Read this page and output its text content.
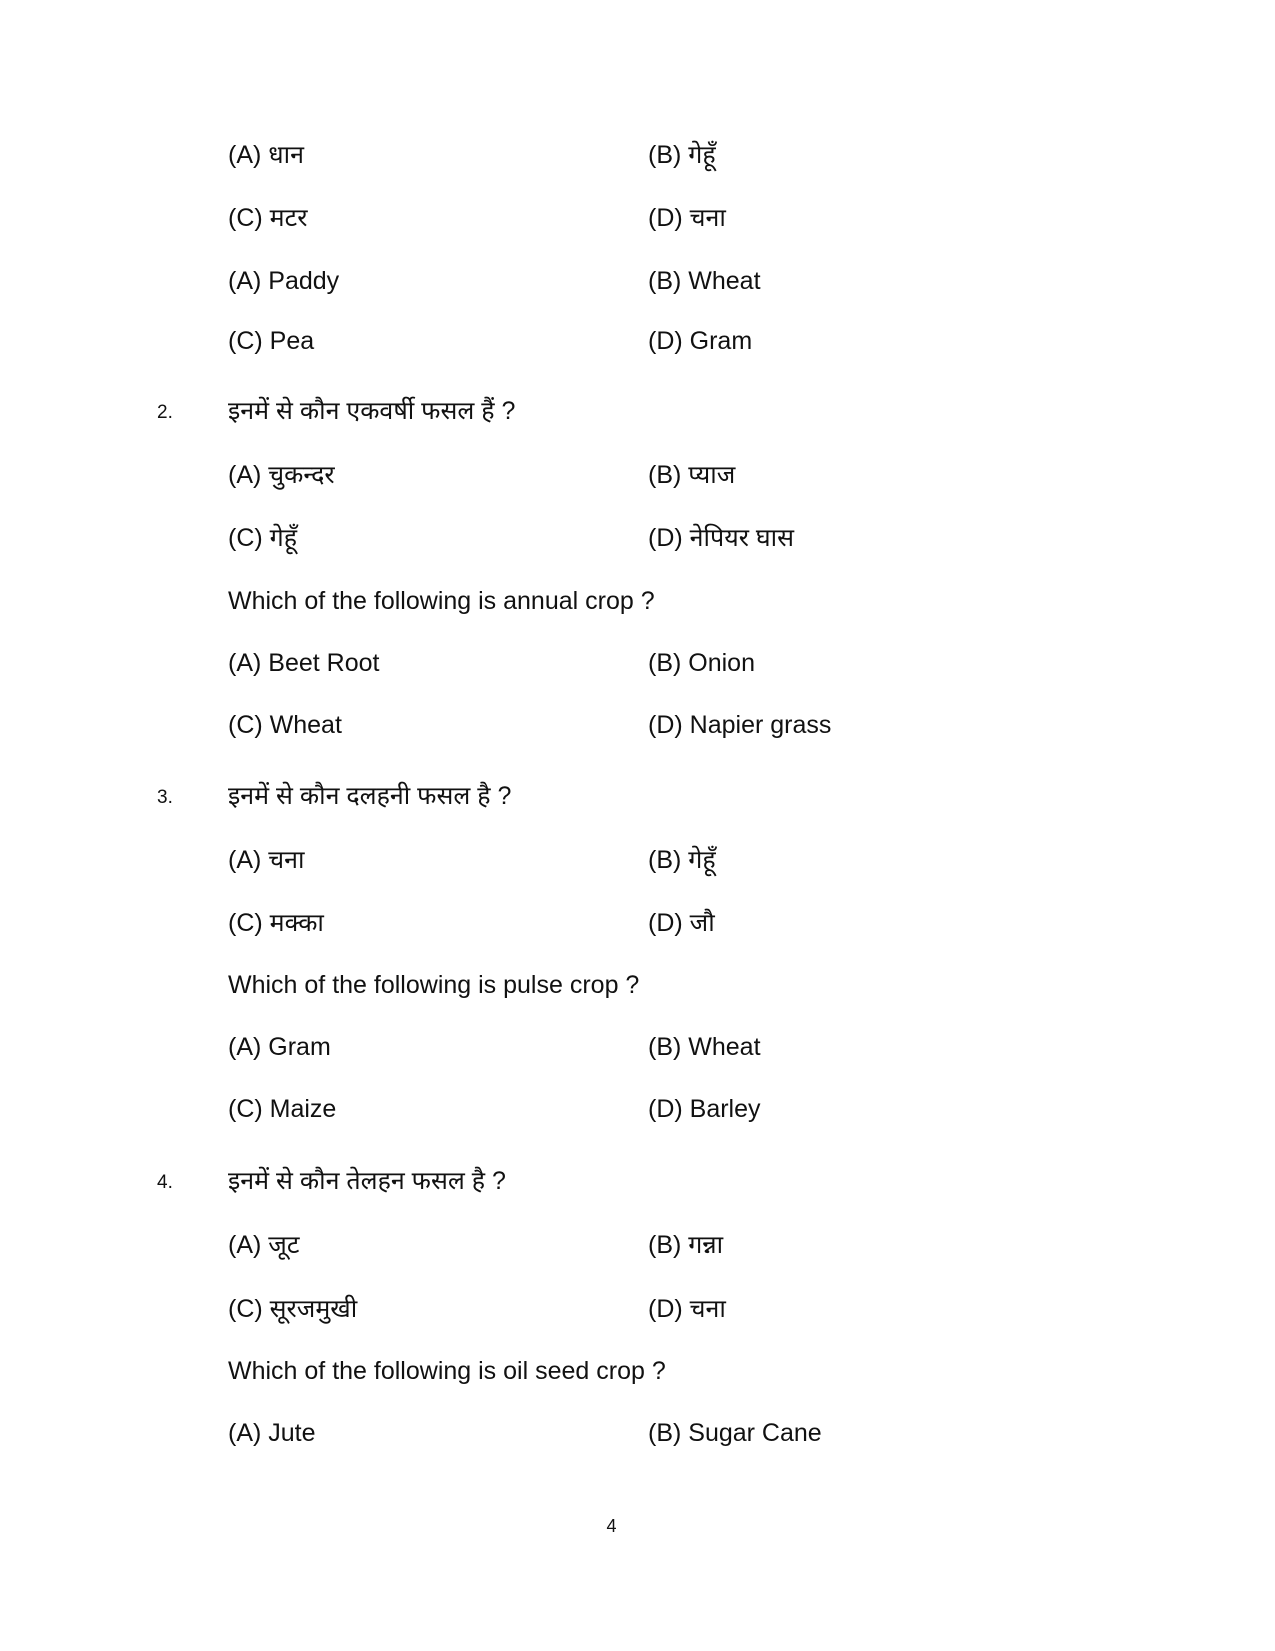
(A) धान	(B) गेहूँ
(C) मटर	(D) चना
(A) Paddy	(B) Wheat
(C) Pea	(D) Gram
2. इनमें से कौन एकवर्षी फसल हैं ?
(A) चुकन्दर	(B) प्याज
(C) गेहूँ	(D) नेपियर घास
Which of the following is annual crop ?
(A) Beet Root	(B) Onion
(C) Wheat	(D) Napier grass
3. इनमें से कौन दलहनी फसल है ?
(A) चना	(B) गेहूँ
(C) मक्का	(D) जौ
Which of the following is pulse crop ?
(A) Gram	(B) Wheat
(C) Maize	(D) Barley
4. इनमें से कौन तेलहन फसल है ?
(A) जूट	(B) गन्ना
(C) सूरजमुखी	(D) चना
Which of the following is oil seed crop ?
(A) Jute	(B) Sugar Cane
4
